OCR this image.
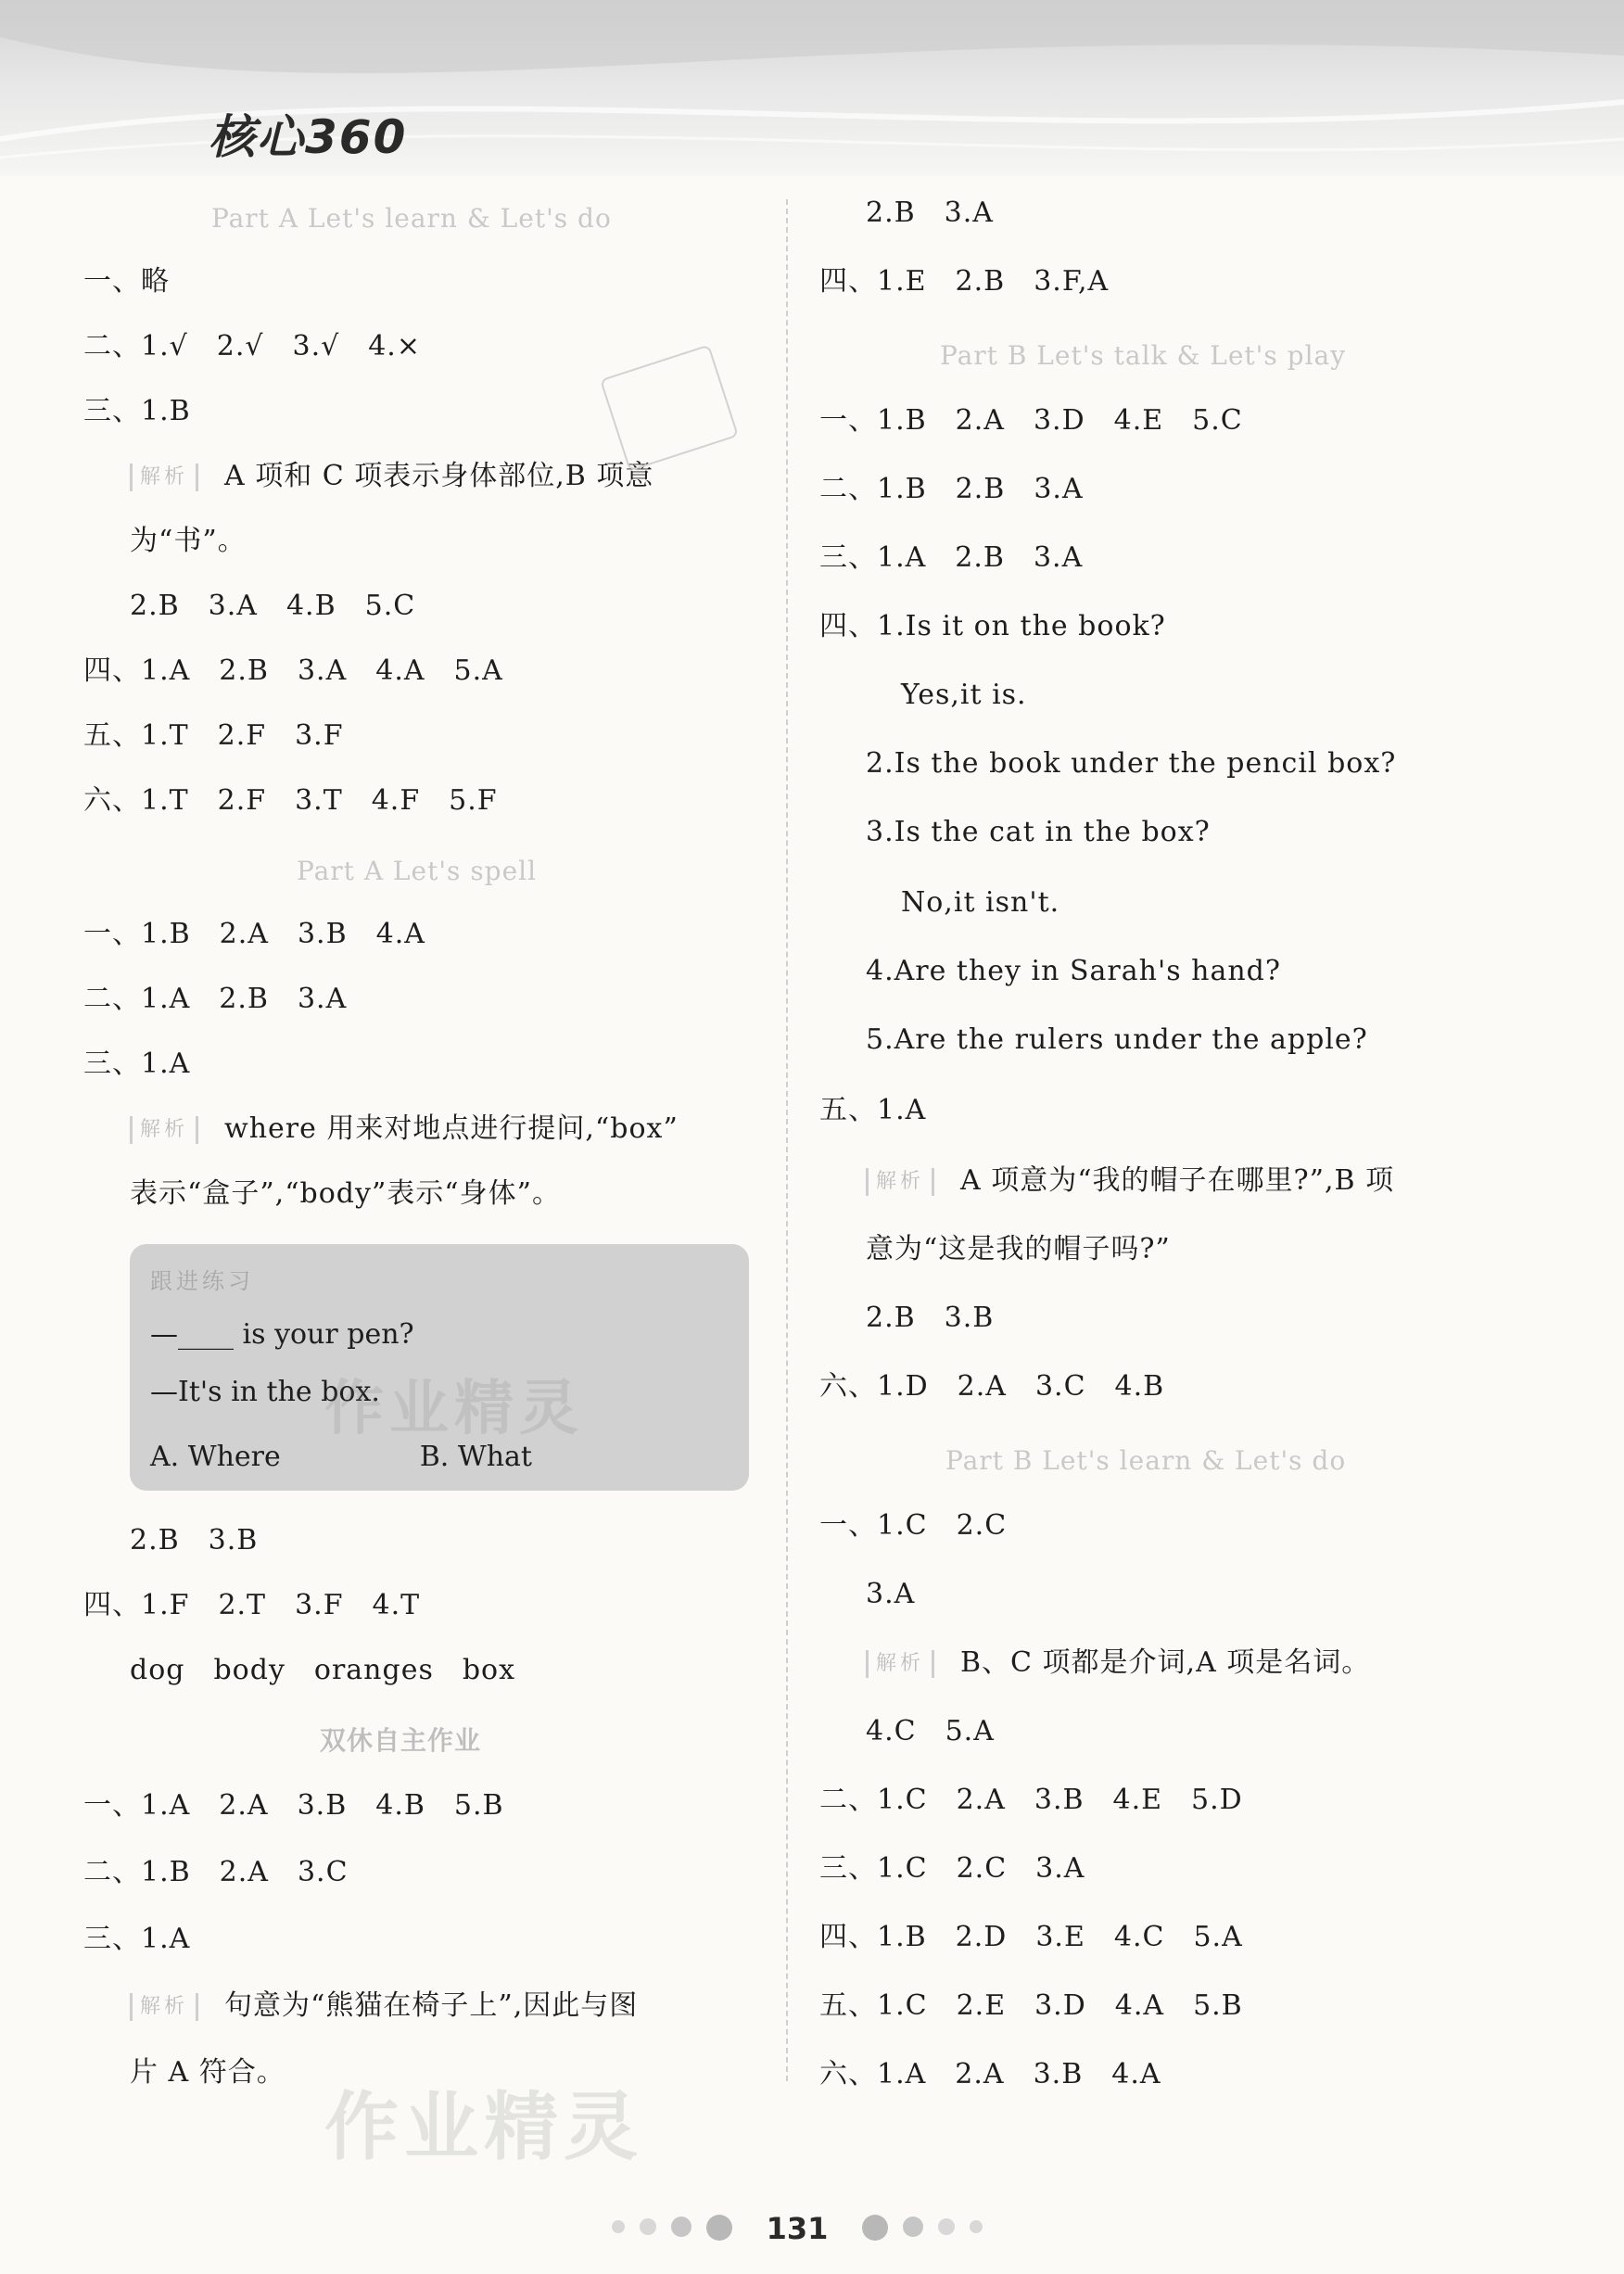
核心360
Part A Let's learn & Let's do
一、略
二、1.√　2.√　3.√　4.×
三、1.B
解析 A 项和 C 项表示身体部位,B 项意
为“书”。
2.B　3.A　4.B　5.C
四、1.A　2.B　3.A　4.A　5.A
五、1.T　2.F　3.F
六、1.T　2.F　3.T　4.F　5.F
Part A Let's spell
一、1.B　2.A　3.B　4.A
二、1.A　2.B　3.A
三、1.A
解析 where 用来对地点进行提问,“box”
表示“盒子”,“body”表示“身体”。
跟进练习
—____ is your pen?
—It's in the box.
A. Where　　　　　B. What
2.B　3.B
四、1.F　2.T　3.F　4.T
dog　body　oranges　box
双休自主作业
一、1.A　2.A　3.B　4.B　5.B
二、1.B　2.A　3.C
三、1.A
解析 句意为“熊猫在椅子上”,因此与图
片 A 符合。
2.B　3.A
四、1.E　2.B　3.F,A
Part B Let's talk & Let's play
一、1.B　2.A　3.D　4.E　5.C
二、1.B　2.B　3.A
三、1.A　2.B　3.A
四、1.Is it on the book?
Yes,it is.
2.Is the book under the pencil box?
3.Is the cat in the box?
No,it isn't.
4.Are they in Sarah's hand?
5.Are the rulers under the apple?
五、1.A
解析 A 项意为“我的帽子在哪里?”,B 项
意为“这是我的帽子吗?”
2.B　3.B
六、1.D　2.A　3.C　4.B
Part B Let's learn & Let's do
一、1.C　2.C
3.A
解析 B、C 项都是介词,A 项是名词。
4.C　5.A
二、1.C　2.A　3.B　4.E　5.D
三、1.C　2.C　3.A
四、1.B　2.D　3.E　4.C　5.A
五、1.C　2.E　3.D　4.A　5.B
六、1.A　2.A　3.B　4.A
作业精灵
作业精灵
131
